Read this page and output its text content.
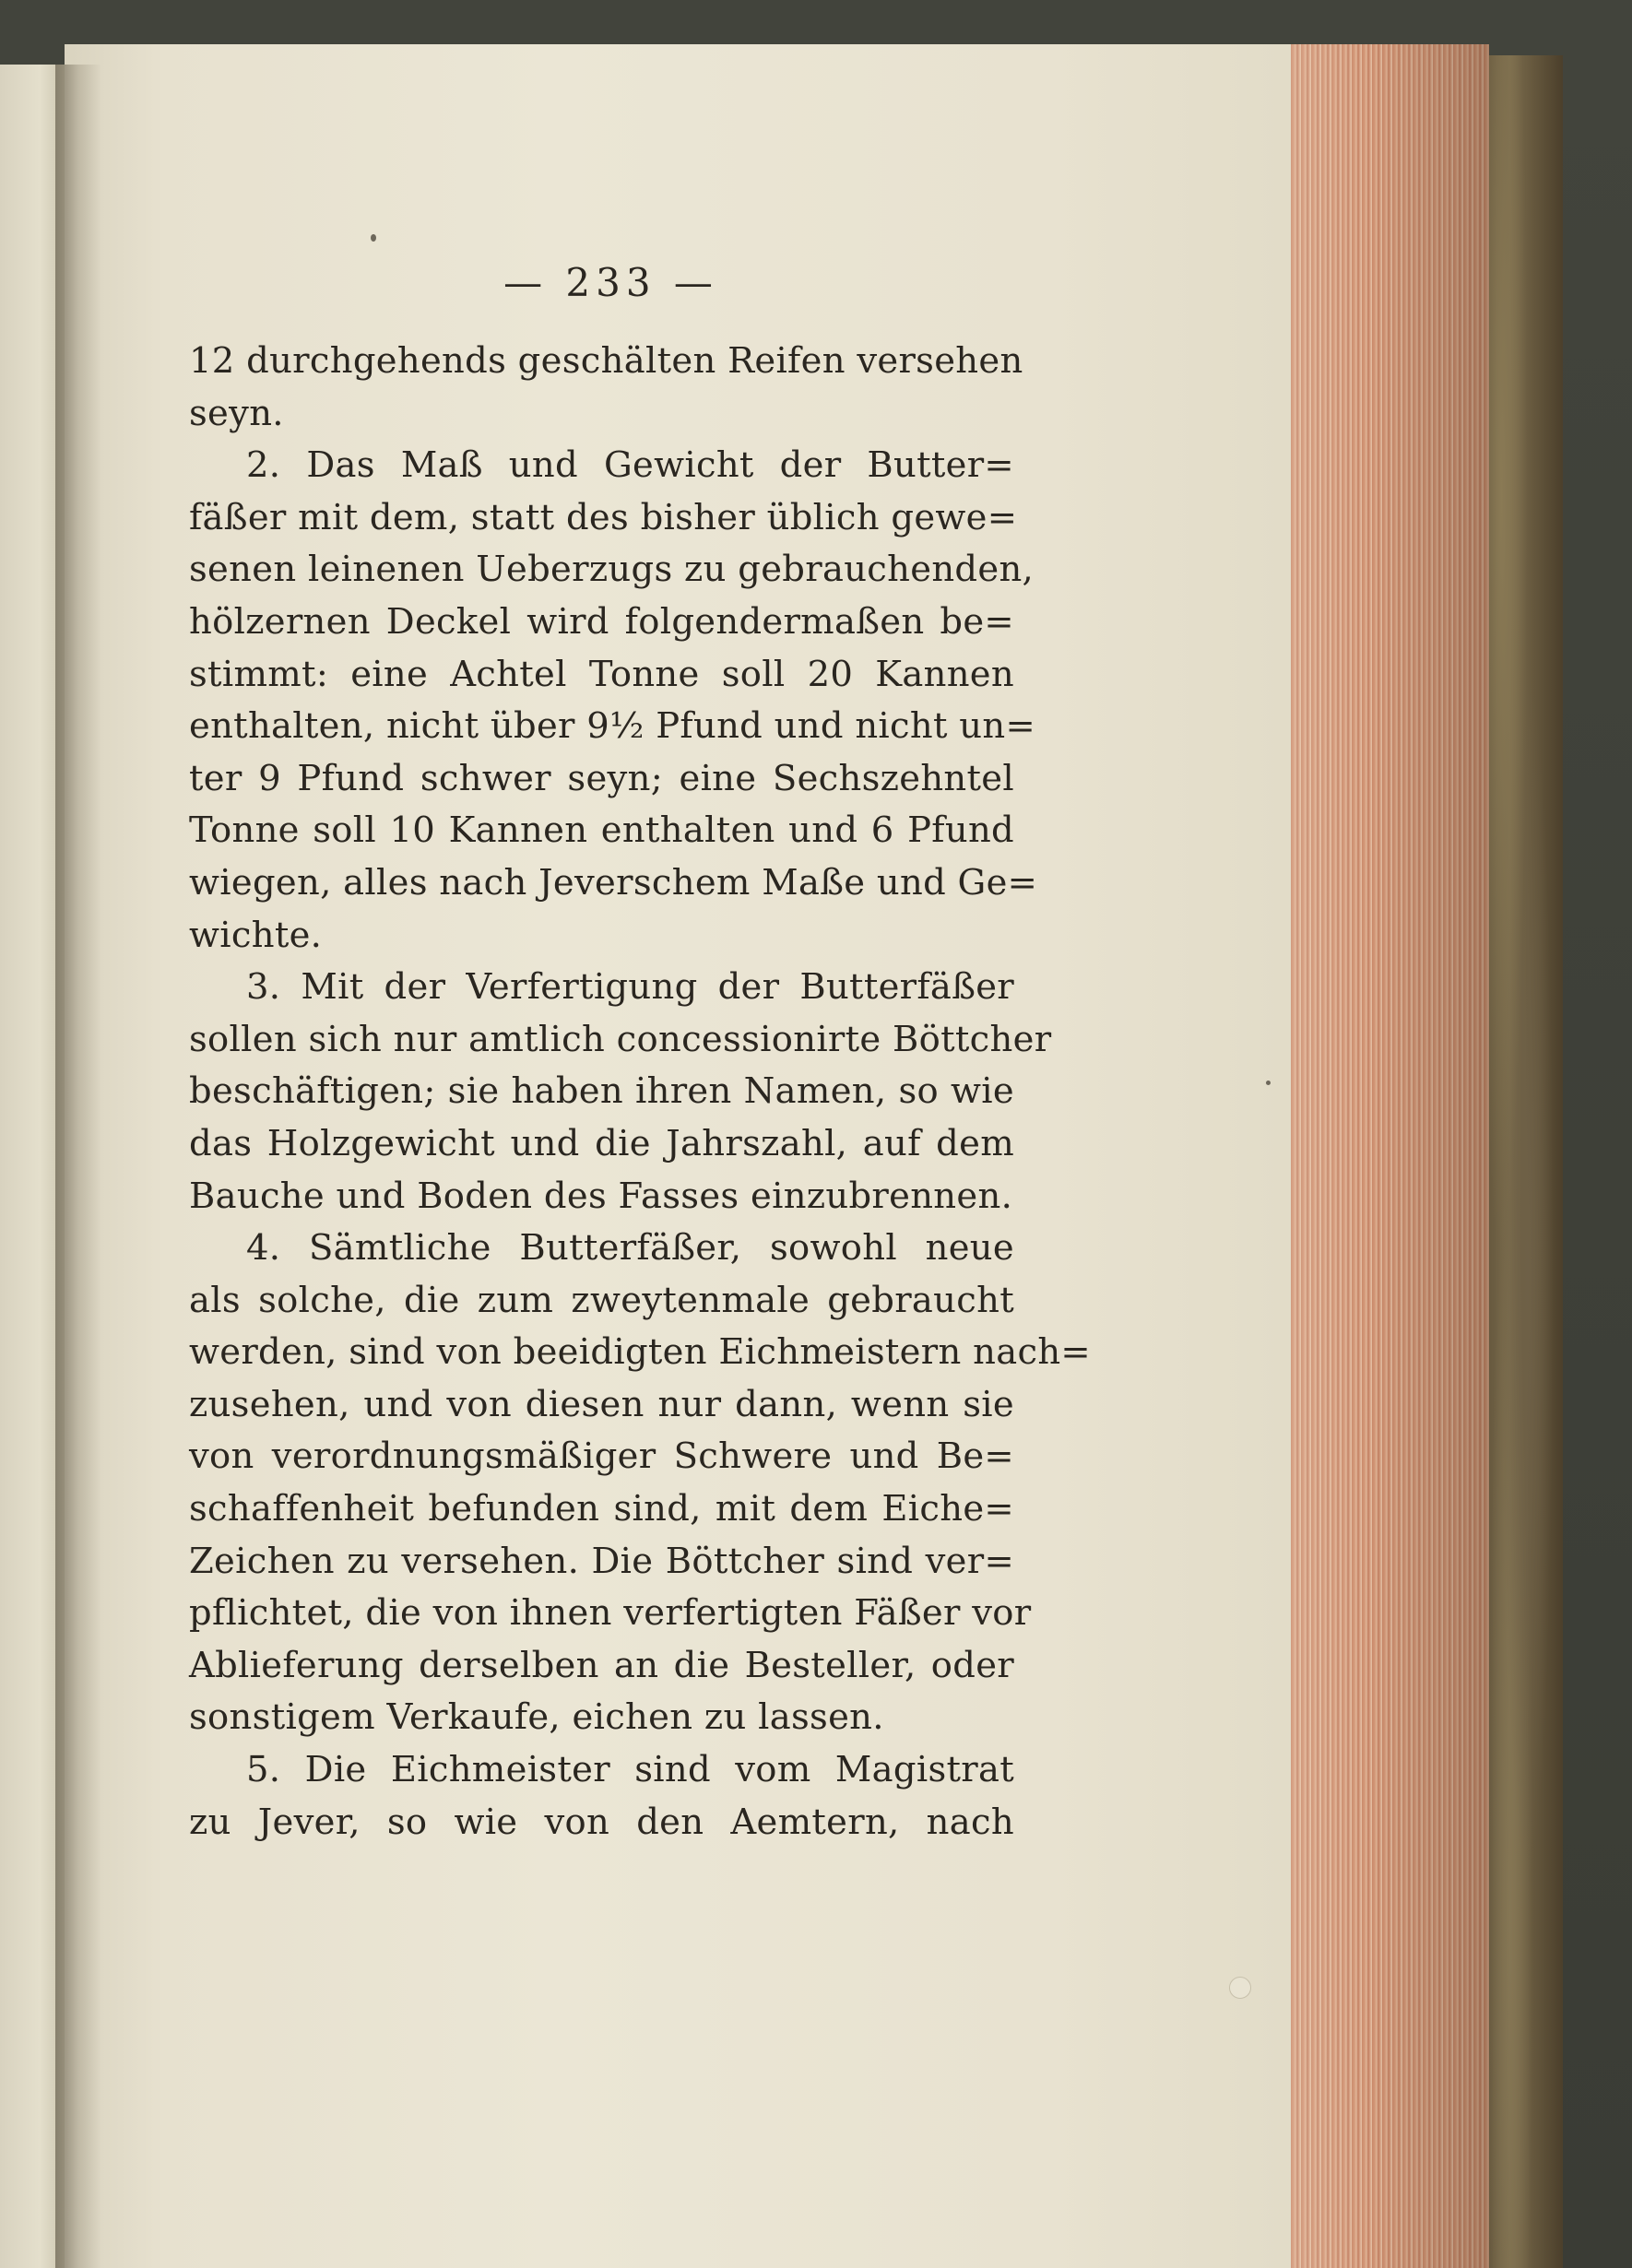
— 233 —
12 durchgehends geschälten Reifen versehen
seyn.
2. Das Maß und Gewicht der Butter=
fäßer mit dem, statt des bisher üblich gewe=
senen leinenen Ueberzugs zu gebrauchenden,
hölzernen Deckel wird folgendermaßen be=
stimmt: eine Achtel Tonne soll 20 Kannen
enthalten, nicht über 9½ Pfund und nicht un=
ter 9 Pfund schwer seyn; eine Sechszehntel
Tonne soll 10 Kannen enthalten und 6 Pfund
wiegen, alles nach Jeverschem Maße und Ge=
wichte.
3. Mit der Verfertigung der Butterfäßer
sollen sich nur amtlich concessionirte Böttcher
beschäftigen; sie haben ihren Namen, so wie
das Holzgewicht und die Jahrszahl, auf dem
Bauche und Boden des Fasses einzubrennen.
4. Sämtliche Butterfäßer, sowohl neue
als solche, die zum zweytenmale gebraucht
werden, sind von beeidigten Eichmeistern nach=
zusehen, und von diesen nur dann, wenn sie
von verordnungsmäßiger Schwere und Be=
schaffenheit befunden sind, mit dem Eiche=
Zeichen zu versehen. Die Böttcher sind ver=
pflichtet, die von ihnen verfertigten Fäßer vor
Ablieferung derselben an die Besteller, oder
sonstigem Verkaufe, eichen zu lassen.
5. Die Eichmeister sind vom Magistrat
zu Jever, so wie von den Aemtern, nach
